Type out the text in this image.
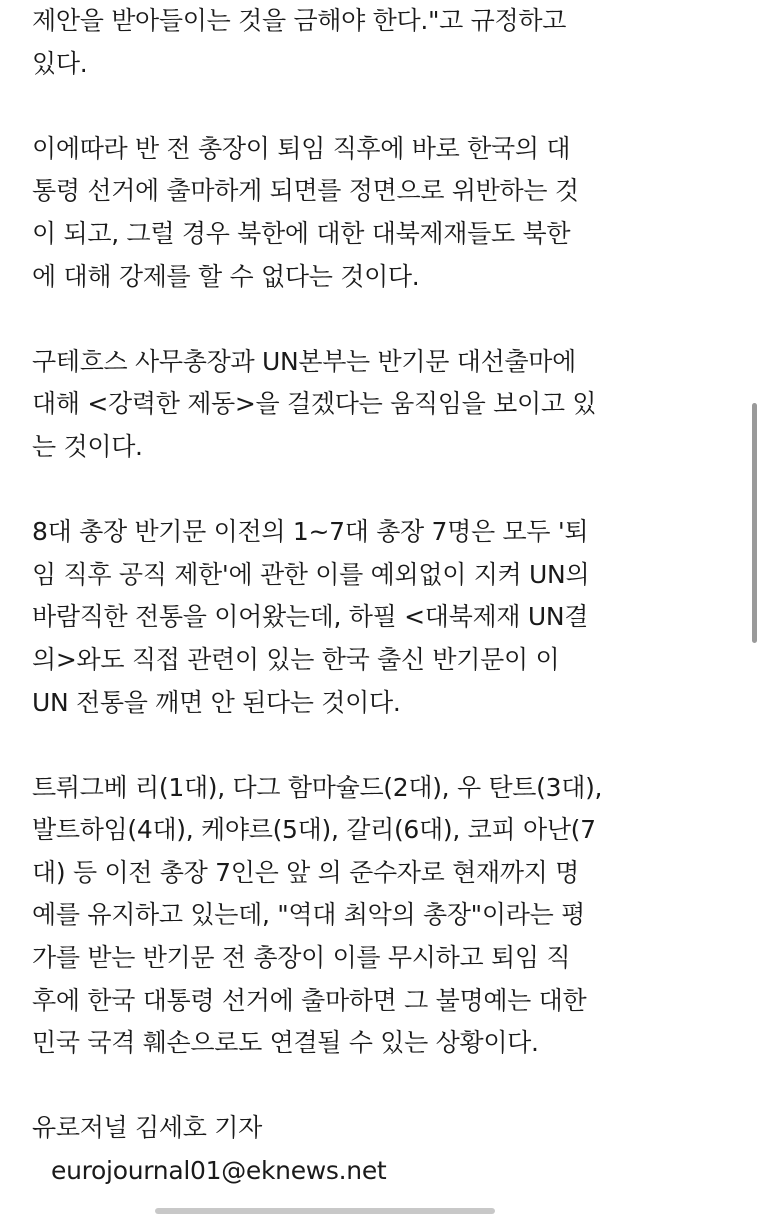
제안을 받아들이는 것을 금해야 한다."고 규정하고
있다.
이에따라 반 전 총장이 퇴임 직후에 바로 한국의 대
통령 선거에 출마하게 되면를 정면으로 위반하는 것
이 되고, 그럴 경우 북한에 대한 대북제재들도 북한
에 대해 강제를 할 수 없다는 것이다.
구테흐스 사무총장과 UN본부는 반기문 대선출마에
대해 <강력한 제동>을 걸겠다는 움직임을 보이고 있
는 것이다.
8대 총장 반기문 이전의 1~7대 총장 7명은 모두 '퇴
임 직후 공직 제한'에 관한 이를 예외없이 지켜 UN의
바람직한 전통을 이어왔는데, 하필 <대북제재 UN결
의>와도 직접 관련이 있는 한국 출신 반기문이 이
UN 전통을 깨면 안 된다는 것이다.
트뤼그베 리(1대), 다그 함마슐드(2대), 우 탄트(3대),
발트하임(4대), 케야르(5대), 갈리(6대), 코피 아난(7
대) 등 이전 총장 7인은 앞 의 준수자로 현재까지 명
예를 유지하고 있는데, "역대 최악의 총장"이라는 평
가를 받는 반기문 전 총장이 이를 무시하고 퇴임 직
후에 한국 대통령 선거에 출마하면 그 불명예는 대한
민국 국격 훼손으로도 연결될 수 있는 상황이다.
유로저널 김세호 기자
eurojournal01@eknews.net
